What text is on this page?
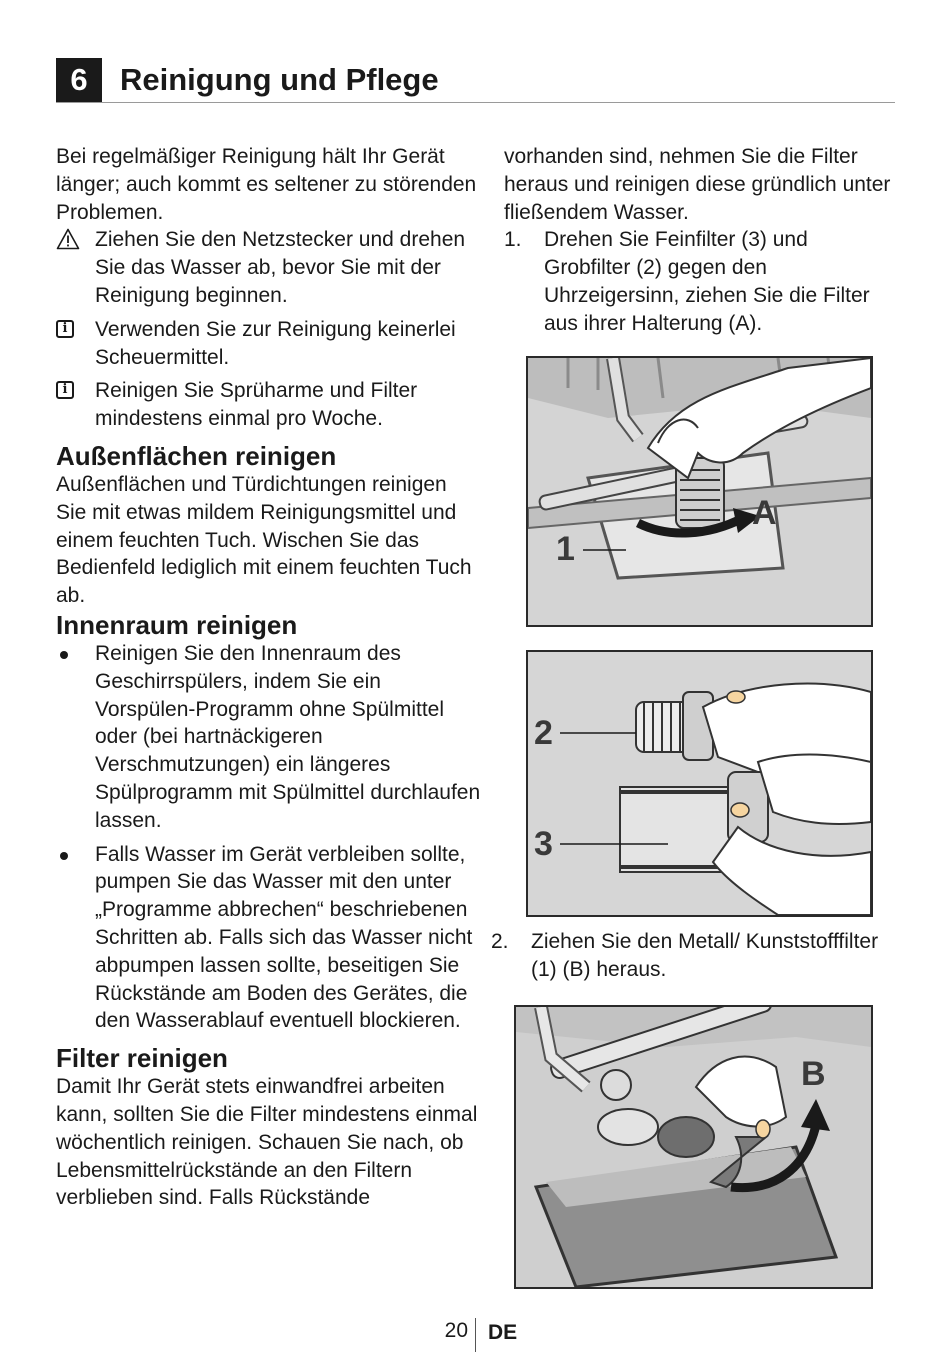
6	Reinigung und Pflege

Bei regelmäßiger Reinigung hält Ihr Gerät länger; auch kommt es seltener zu störenden Problemen.

Ziehen Sie den Netzstecker und drehen Sie das Wasser ab, bevor Sie mit der Reinigung beginnen.
i	Verwenden Sie zur Reinigung keinerlei Scheuermittel.
i	Reinigen Sie Sprüharme und Filter mindestens einmal pro Woche.
Außenflächen reinigen

Außenflächen und Türdichtungen reinigen Sie mit etwas mildem Reinigungsmittel und einem feuchten Tuch. Wischen Sie das Bedienfeld lediglich mit einem feuchten Tuch ab.

Innenraum reinigen
Reinigen Sie den Innenraum des Geschirrspülers, indem Sie ein Vorspülen-Programm ohne Spülmittel oder (bei hartnäckigeren Verschmutzungen) ein längeres Spülprogramm mit Spülmittel durchlaufen lassen.
Falls Wasser im Gerät verbleiben sollte, pumpen Sie das Wasser mit den unter „Programme abbrechen“ beschriebenen Schritten ab. Falls sich das Wasser nicht abpumpen lassen sollte, beseitigen Sie Rückstände am Boden des Gerätes, die den Wasserablauf eventuell blockieren.
Filter reinigen

Damit Ihr Gerät stets einwandfrei arbeiten kann, sollten Sie die Filter mindestens einmal wöchentlich reinigen. Schauen Sie nach, ob Lebensmittelrückstände an den Filtern verblieben sind. Falls Rückstände

vorhanden sind, nehmen Sie die Filter heraus und reinigen diese gründlich unter fließendem Wasser.

1. Drehen Sie Feinfilter (3) und Grobfilter (2) gegen den Uhrzeigersinn, ziehen Sie die Filter aus ihrer Halterung (A).
2. Ziehen Sie den Metall/ Kunststofffilter (1) (B) heraus.
A
1
2
3
B
20 DE
